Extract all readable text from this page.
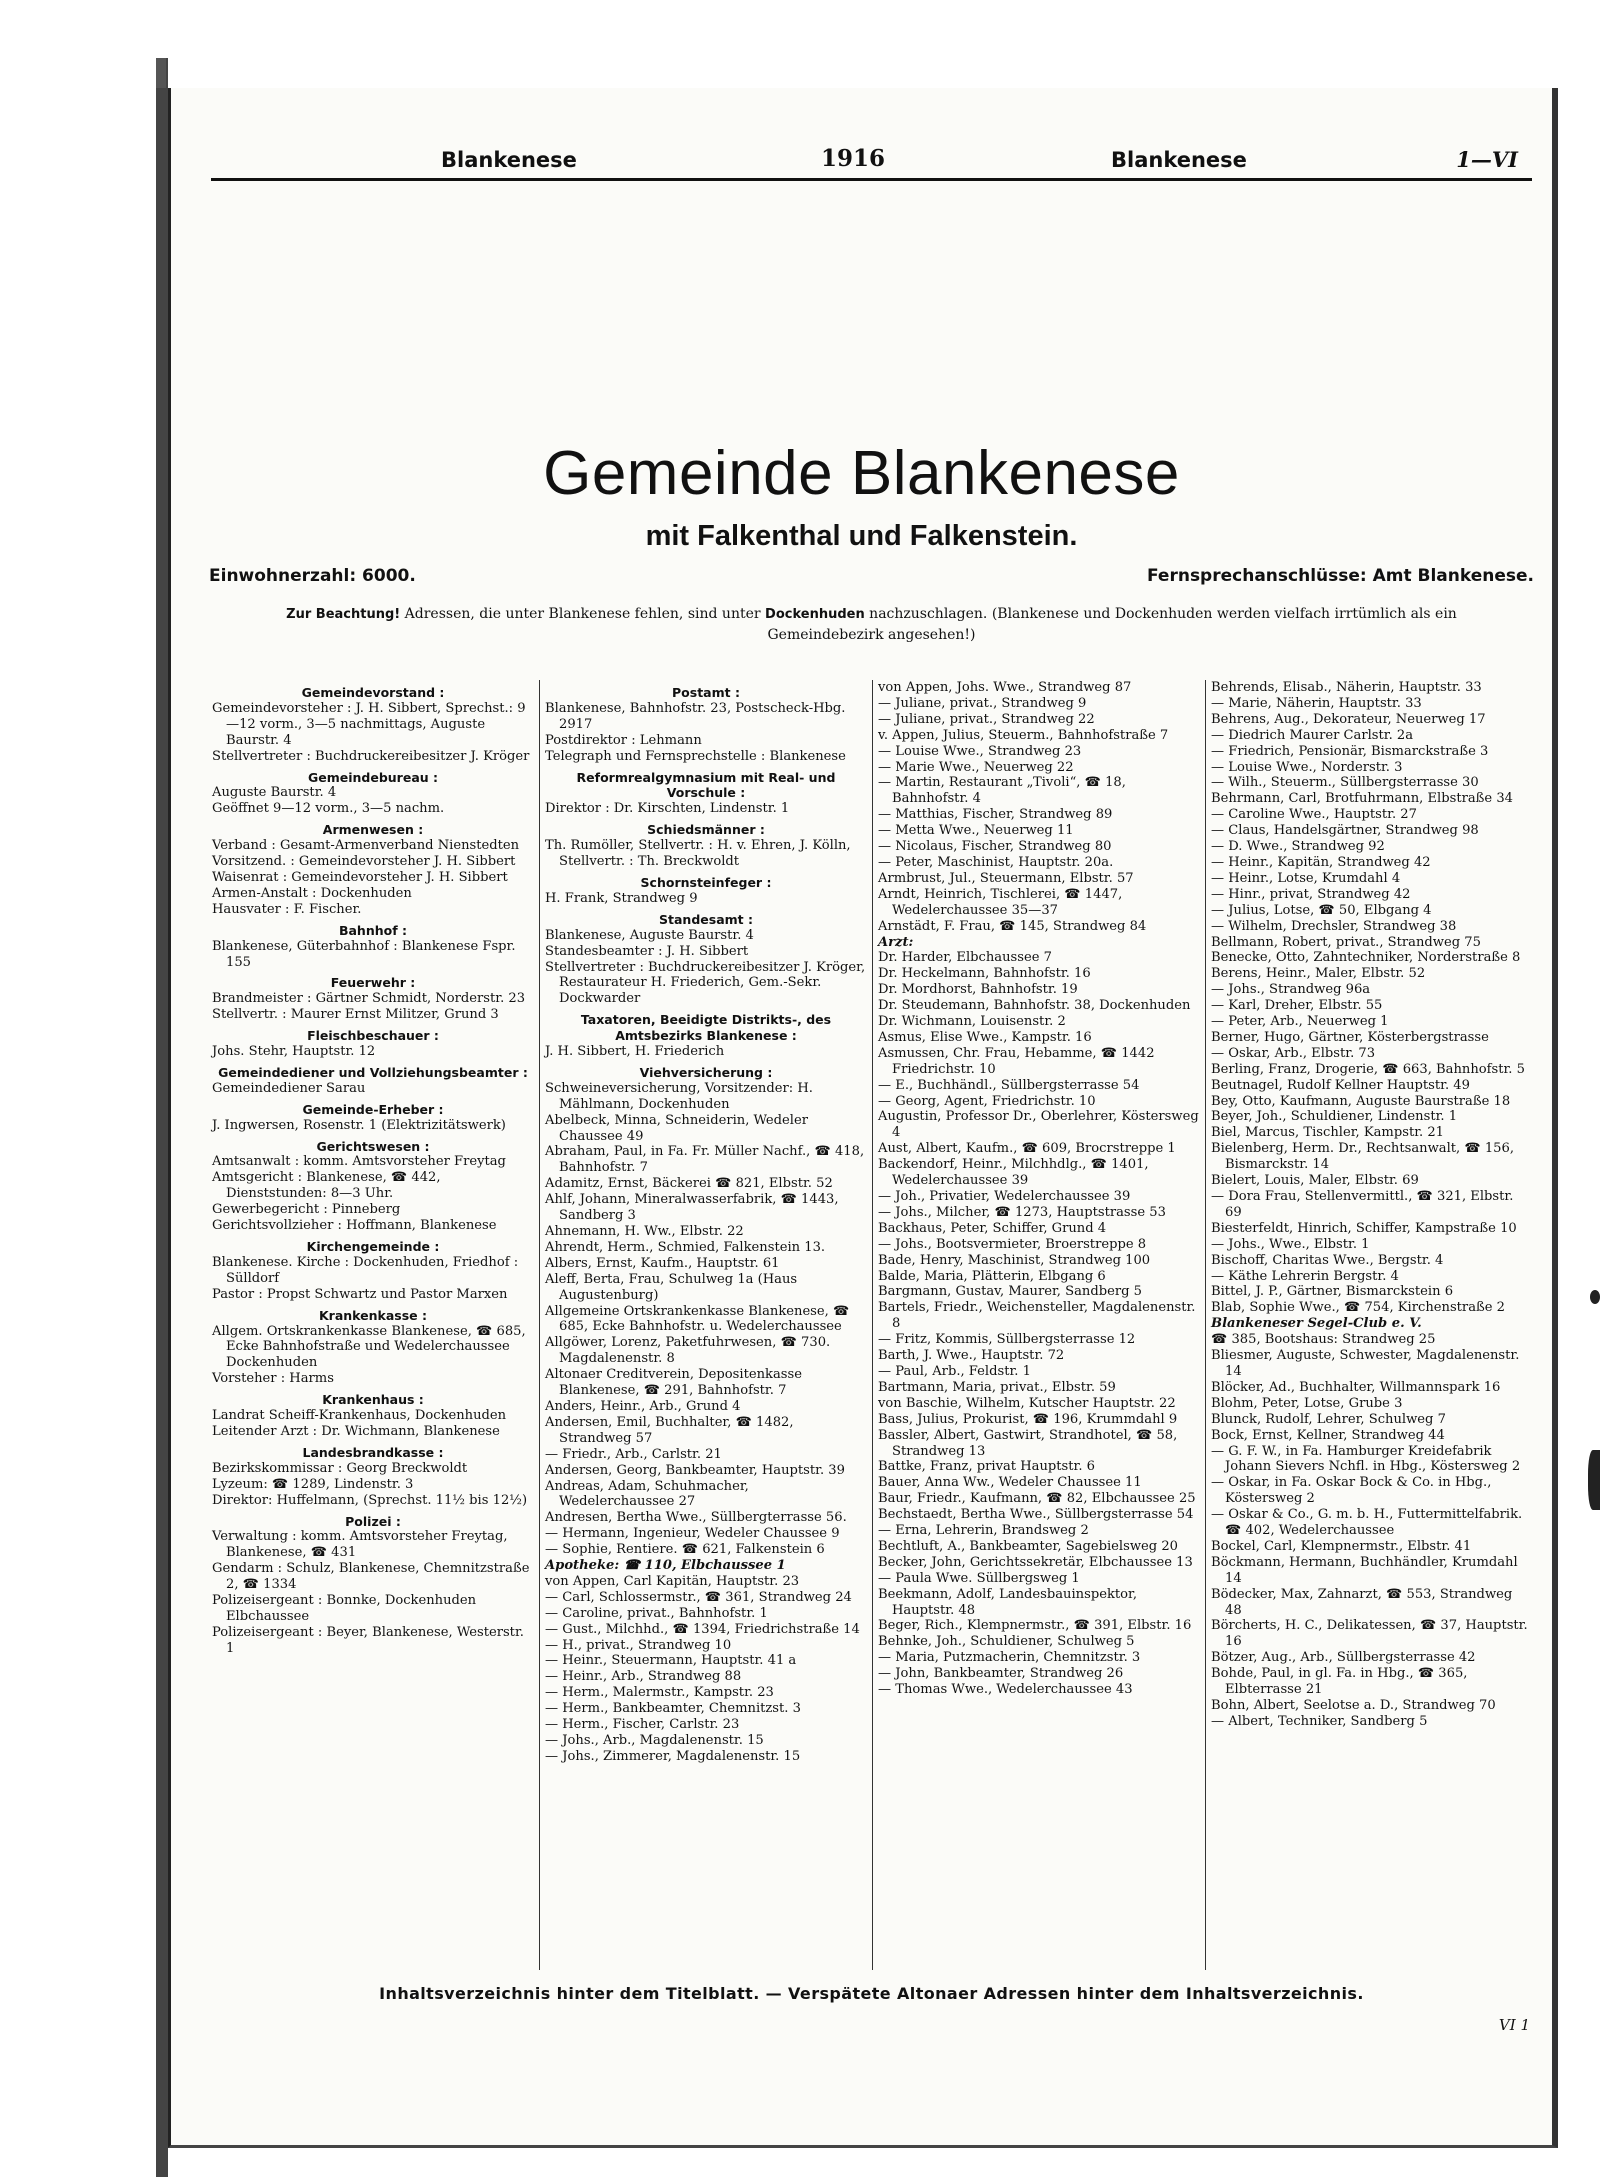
Blankenese	1916	Blankenese	1—VI
Gemeinde Blankenese
mit Falkenthal und Falkenstein.
Einwohnerzahl: 6000.	Fernsprechanschlüsse: Amt Blankenese.
Zur Beachtung! Adressen, die unter Blankenese fehlen, sind unter Dockenhuden nachzuschlagen. (Blankenese und Dockenhuden werden vielfach irrtümlich als ein Gemeindebezirk angesehen!)
Gemeindevorstand :
Gemeindevorsteher : J. H. Sibbert, Sprechst.: 9—12 vorm., 3—5 nachmittags, Auguste Baurstr. 4
Stellvertreter : Buchdruckereibesitzer J. Kröger
Gemeindebureau :
Auguste Baurstr. 4
Geöffnet 9—12 vorm., 3—5 nachm.
Armenwesen :
Verband : Gesamt-Armenverband Nienstedten
Vorsitzend. : Gemeindevorsteher J. H. Sibbert
Waisenrat : Gemeindevorsteher J. H. Sibbert
Armen-Anstalt : Dockenhuden
Hausvater : F. Fischer.
Bahnhof :
Blankenese, Güterbahnhof : Blankenese Fspr. 155
Feuerwehr :
Brandmeister : Gärtner Schmidt, Norderstr. 23
Stellvertr. : Maurer Ernst Militzer, Grund 3
Fleischbeschauer :
Johs. Stehr, Hauptstr. 12
Gemeindediener und Vollziehungsbeamter :
Gemeindediener Sarau
Gemeinde-Erheber :
J. Ingwersen, Rosenstr. 1 (Elektrizitätswerk)
Gerichtswesen :
Amtsanwalt : komm. Amtsvorsteher Freytag
Amtsgericht : Blankenese, ☎ 442, Dienststunden: 8—3 Uhr.
Gewerbegericht : Pinneberg
Gerichtsvollzieher : Hoffmann, Blankenese
Kirchengemeinde :
Blankenese. Kirche : Dockenhuden, Friedhof : Sülldorf
Pastor : Propst Schwartz und Pastor Marxen
Krankenkasse :
Allgem. Ortskrankenkasse Blankenese, ☎ 685, Ecke Bahnhofstraße und Wedelerchaussee Dockenhuden
Vorsteher : Harms
Krankenhaus :
Landrat Scheiff-Krankenhaus, Dockenhuden
Leitender Arzt : Dr. Wichmann, Blankenese
Landesbrandkasse :
Bezirkskommissar : Georg Breckwoldt
Lyzeum: ☎ 1289, Lindenstr. 3
Direktor: Huffelmann, (Sprechst. 11½ bis 12½)
Polizei :
Verwaltung : komm. Amtsvorsteher Freytag, Blankenese, ☎ 431
Gendarm : Schulz, Blankenese, Chemnitzstraße 2, ☎ 1334
Polizeisergeant : Bonnke, Dockenhuden Elbchaussee
Polizeisergeant : Beyer, Blankenese, Westerstr. 1
Postamt :
Blankenese, Bahnhofstr. 23, Postscheck-Hbg. 2917
Postdirektor : Lehmann
Telegraph und Fernsprechstelle : Blankenese
Reformrealgymnasium mit Real- und Vorschule :
Direktor : Dr. Kirschten, Lindenstr. 1
Schiedsmänner :
Th. Rumöller, Stellvertr. : H. v. Ehren, J. Kölln, Stellvertr. : Th. Breckwoldt
Schornsteinfeger :
H. Frank, Strandweg 9
Standesamt :
Blankenese, Auguste Baurstr. 4
Standesbeamter : J. H. Sibbert
Stellvertreter : Buchdruckereibesitzer J. Kröger, Restaurateur H. Friederich, Gem.-Sekr. Dockwarder
Taxatoren, Beeidigte Distrikts-, des Amtsbezirks Blankenese :
J. H. Sibbert, H. Friederich
Viehversicherung :
Schweineversicherung, Vorsitzender: H. Mählmann, Dockenhuden
Abelbeck, Minna, Schneiderin, Wedeler Chaussee 49
Abraham, Paul, in Fa. Fr. Müller Nachf., ☎ 418, Bahnhofstr. 7
Adamitz, Ernst, Bäckerei ☎ 821, Elbstr. 52
Ahlf, Johann, Mineralwasserfabrik, ☎ 1443, Sandberg 3
Ahnemann, H. Ww., Elbstr. 22
Ahrendt, Herm., Schmied, Falkenstein 13.
Albers, Ernst, Kaufm., Hauptstr. 61
Aleff, Berta, Frau, Schulweg 1a (Haus Augustenburg)
Allgemeine Ortskrankenkasse Blankenese, ☎ 685, Ecke Bahnhofstr. u. Wedelerchaussee
Allgöwer, Lorenz, Paketfuhrwesen, ☎ 730. Magdalenenstr. 8
Altonaer Creditverein, Depositenkasse Blankenese, ☎ 291, Bahnhofstr. 7
Anders, Heinr., Arb., Grund 4
Andersen, Emil, Buchhalter, ☎ 1482, Strandweg 57
— Friedr., Arb., Carlstr. 21
Andersen, Georg, Bankbeamter, Hauptstr. 39
Andreas, Adam, Schuhmacher, Wedelerchaussee 27
Andresen, Bertha Wwe., Süllbergterrasse 56.
— Hermann, Ingenieur, Wedeler Chaussee 9
— Sophie, Rentiere. ☎ 621, Falkenstein 6
Apotheke: ☎ 110, Elbchaussee 1
von Appen, Carl Kapitän, Hauptstr. 23
— Carl, Schlossermstr., ☎ 361, Strandweg 24
— Caroline, privat., Bahnhofstr. 1
— Gust., Milchhd., ☎ 1394, Friedrichstraße 14
— H., privat., Strandweg 10
— Heinr., Steuermann, Hauptstr. 41 a
— Heinr., Arb., Strandweg 88
— Herm., Malermstr., Kampstr. 23
— Herm., Bankbeamter, Chemnitzst. 3
— Herm., Fischer, Carlstr. 23
— Johs., Arb., Magdalenenstr. 15
— Johs., Zimmerer, Magdalenenstr. 15
von Appen, Johs. Wwe., Strandweg 87
— Juliane, privat., Strandweg 9
— Juliane, privat., Strandweg 22
v. Appen, Julius, Steuerm., Bahnhofstraße 7
— Louise Wwe., Strandweg 23
— Marie Wwe., Neuerweg 22
— Martin, Restaurant „Tivoli“, ☎ 18, Bahnhofstr. 4
— Matthias, Fischer, Strandweg 89
— Metta Wwe., Neuerweg 11
— Nicolaus, Fischer, Strandweg 80
— Peter, Maschinist, Hauptstr. 20a.
Armbrust, Jul., Steuermann, Elbstr. 57
Arndt, Heinrich, Tischlerei, ☎ 1447, Wedelerchaussee 35—37
Arnstädt, F. Frau, ☎ 145, Strandweg 84
Arzt:
Dr. Harder, Elbchaussee 7
Dr. Heckelmann, Bahnhofstr. 16
Dr. Mordhorst, Bahnhofstr. 19
Dr. Steudemann, Bahnhofstr. 38, Dockenhuden
Dr. Wichmann, Louisenstr. 2
Asmus, Elise Wwe., Kampstr. 16
Asmussen, Chr. Frau, Hebamme, ☎ 1442 Friedrichstr. 10
— E., Buchhändl., Süllbergsterrasse 54
— Georg, Agent, Friedrichstr. 10
Augustin, Professor Dr., Oberlehrer, Köstersweg 4
Aust, Albert, Kaufm., ☎ 609, Brocrstreppe 1
Backendorf, Heinr., Milchhdlg., ☎ 1401, Wedelerchaussee 39
— Joh., Privatier, Wedelerchaussee 39
— Johs., Milcher, ☎ 1273, Hauptstrasse 53
Backhaus, Peter, Schiffer, Grund 4
— Johs., Bootsvermieter, Broerstreppe 8
Bade, Henry, Maschinist, Strandweg 100
Balde, Maria, Plätterin, Elbgang 6
Bargmann, Gustav, Maurer, Sandberg 5
Bartels, Friedr., Weichensteller, Magdalenenstr. 8
— Fritz, Kommis, Süllbergsterrasse 12
Barth, J. Wwe., Hauptstr. 72
— Paul, Arb., Feldstr. 1
Bartmann, Maria, privat., Elbstr. 59
von Baschie, Wilhelm, Kutscher Hauptstr. 22
Bass, Julius, Prokurist, ☎ 196, Krummdahl 9
Bassler, Albert, Gastwirt, Strandhotel, ☎ 58, Strandweg 13
Battke, Franz, privat Hauptstr. 6
Bauer, Anna Ww., Wedeler Chaussee 11
Baur, Friedr., Kaufmann, ☎ 82, Elbchaussee 25
Bechstaedt, Bertha Wwe., Süllbergsterrasse 54
— Erna, Lehrerin, Brandsweg 2
Bechtluft, A., Bankbeamter, Sagebielsweg 20
Becker, John, Gerichtssekretär, Elbchaussee 13
— Paula Wwe. Süllbergsweg 1
Beekmann, Adolf, Landesbauinspektor, Hauptstr. 48
Beger, Rich., Klempnermstr., ☎ 391, Elbstr. 16
Behnke, Joh., Schuldiener, Schulweg 5
— Maria, Putzmacherin, Chemnitzstr. 3
— John, Bankbeamter, Strandweg 26
— Thomas Wwe., Wedelerchaussee 43
Behrends, Elisab., Näherin, Hauptstr. 33
— Marie, Näherin, Hauptstr. 33
Behrens, Aug., Dekorateur, Neuerweg 17
— Diedrich Maurer Carlstr. 2a
— Friedrich, Pensionär, Bismarckstraße 3
— Louise Wwe., Norderstr. 3
— Wilh., Steuerm., Süllbergsterrasse 30
Behrmann, Carl, Brotfuhrmann, Elbstraße 34
— Caroline Wwe., Hauptstr. 27
— Claus, Handelsgärtner, Strandweg 98
— D. Wwe., Strandweg 92
— Heinr., Kapitän, Strandweg 42
— Heinr., Lotse, Krumdahl 4
— Hinr., privat, Strandweg 42
— Julius, Lotse, ☎ 50, Elbgang 4
— Wilhelm, Drechsler, Strandweg 38
Bellmann, Robert, privat., Strandweg 75
Benecke, Otto, Zahntechniker, Norderstraße 8
Berens, Heinr., Maler, Elbstr. 52
— Johs., Strandweg 96a
— Karl, Dreher, Elbstr. 55
— Peter, Arb., Neuerweg 1
Berner, Hugo, Gärtner, Kösterbergstrasse
— Oskar, Arb., Elbstr. 73
Berling, Franz, Drogerie, ☎ 663, Bahnhofstr. 5
Beutnagel, Rudolf Kellner Hauptstr. 49
Bey, Otto, Kaufmann, Auguste Baurstraße 18
Beyer, Joh., Schuldiener, Lindenstr. 1
Biel, Marcus, Tischler, Kampstr. 21
Bielenberg, Herm. Dr., Rechtsanwalt, ☎ 156, Bismarckstr. 14
Bielert, Louis, Maler, Elbstr. 69
— Dora Frau, Stellenvermittl., ☎ 321, Elbstr. 69
Biesterfeldt, Hinrich, Schiffer, Kampstraße 10
— Johs., Wwe., Elbstr. 1
Bischoff, Charitas Wwe., Bergstr. 4
— Käthe Lehrerin Bergstr. 4
Bittel, J. P., Gärtner, Bismarckstein 6
Blab, Sophie Wwe., ☎ 754, Kirchenstraße 2
Blankeneser Segel-Club e. V.
☎ 385, Bootshaus: Strandweg 25
Bliesmer, Auguste, Schwester, Magdalenenstr. 14
Blöcker, Ad., Buchhalter, Willmannspark 16
Blohm, Peter, Lotse, Grube 3
Blunck, Rudolf, Lehrer, Schulweg 7
Bock, Ernst, Kellner, Strandweg 44
— G. F. W., in Fa. Hamburger Kreidefabrik Johann Sievers Nchfl. in Hbg., Köstersweg 2
— Oskar, in Fa. Oskar Bock & Co. in Hbg., Köstersweg 2
— Oskar & Co., G. m. b. H., Futtermittelfabrik. ☎ 402, Wedelerchaussee
Bockel, Carl, Klempnermstr., Elbstr. 41
Böckmann, Hermann, Buchhändler, Krumdahl 14
Bödecker, Max, Zahnarzt, ☎ 553, Strandweg 48
Börcherts, H. C., Delikatessen, ☎ 37, Hauptstr. 16
Bötzer, Aug., Arb., Süllbergsterrasse 42
Bohde, Paul, in gl. Fa. in Hbg., ☎ 365, Elbterrasse 21
Bohn, Albert, Seelotse a. D., Strandweg 70
— Albert, Techniker, Sandberg 5
Inhaltsverzeichnis hinter dem Titelblatt. — Verspätete Altonaer Adressen hinter dem Inhaltsverzeichnis.
VI 1
